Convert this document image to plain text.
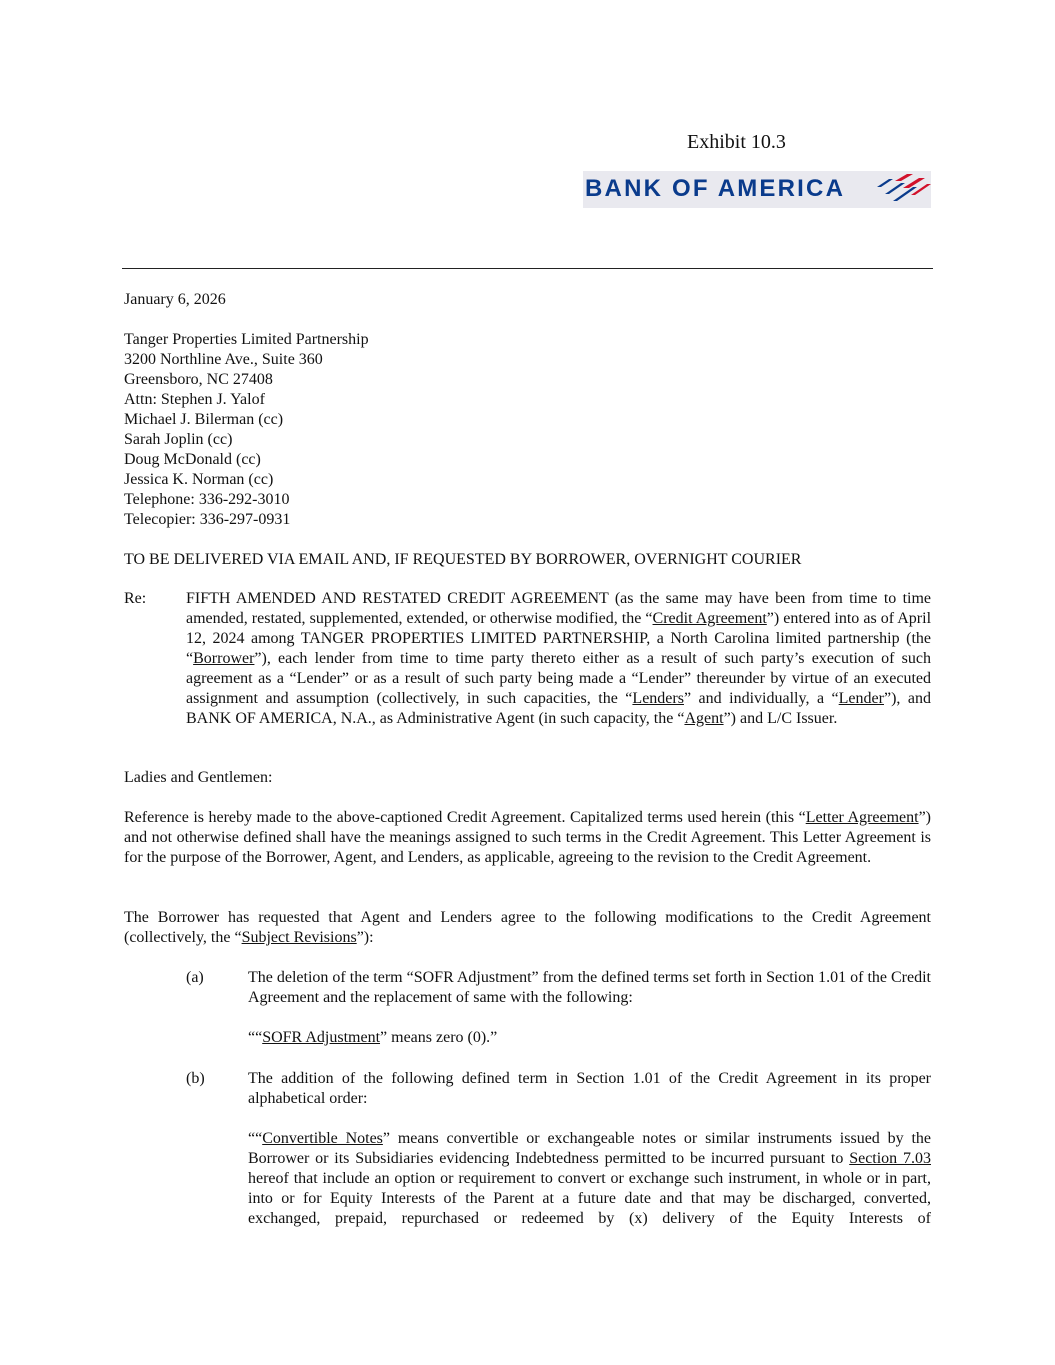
Exhibit 10.3
BANK OF AMERICA
January 6, 2026
Tanger Properties Limited Partnership
3200 Northline Ave., Suite 360
Greensboro, NC 27408
Attn: Stephen J. Yalof
Michael J. Bilerman (cc)
Sarah Joplin (cc)
Doug McDonald (cc)
Jessica K. Norman (cc)
Telephone: 336-292-3010
Telecopier: 336-297-0931
TO BE DELIVERED VIA EMAIL AND, IF REQUESTED BY BORROWER, OVERNIGHT COURIER
Re: FIFTH AMENDED AND RESTATED CREDIT AGREEMENT (as the same may have been from time to time amended, restated, supplemented, extended, or otherwise modified, the “Credit Agreement”) entered into as of April 12, 2024 among TANGER PROPERTIES LIMITED PARTNERSHIP, a North Carolina limited partnership (the “Borrower”), each lender from time to time party thereto either as a result of such party’s execution of such agreement as a “Lender” or as a result of such party being made a “Lender” thereunder by virtue of an executed assignment and assumption (collectively, in such capacities, the “Lenders” and individually, a “Lender”), and BANK OF AMERICA, N.A., as Administrative Agent (in such capacity, the “Agent”) and L/C Issuer.
Ladies and Gentlemen:
Reference is hereby made to the above-captioned Credit Agreement. Capitalized terms used herein (this “Letter Agreement”) and not otherwise defined shall have the meanings assigned to such terms in the Credit Agreement. This Letter Agreement is for the purpose of the Borrower, Agent, and Lenders, as applicable, agreeing to the revision to the Credit Agreement.
The Borrower has requested that Agent and Lenders agree to the following modifications to the Credit Agreement (collectively, the “Subject Revisions”):
(a)	The deletion of the term “SOFR Adjustment” from the defined terms set forth in Section 1.01 of the Credit Agreement and the replacement of same with the following:
““SOFR Adjustment” means zero (0).”
(b)	The addition of the following defined term in Section 1.01 of the Credit Agreement in its proper alphabetical order:
““Convertible Notes” means convertible or exchangeable notes or similar instruments issued by the Borrower or its Subsidiaries evidencing Indebtedness permitted to be incurred pursuant to Section 7.03 hereof that include an option or requirement to convert or exchange such instrument, in whole or in part, into or for Equity Interests of the Parent at a future date and that may be discharged, converted, exchanged, prepaid, repurchased or redeemed by (x) delivery of the Equity Interests of
